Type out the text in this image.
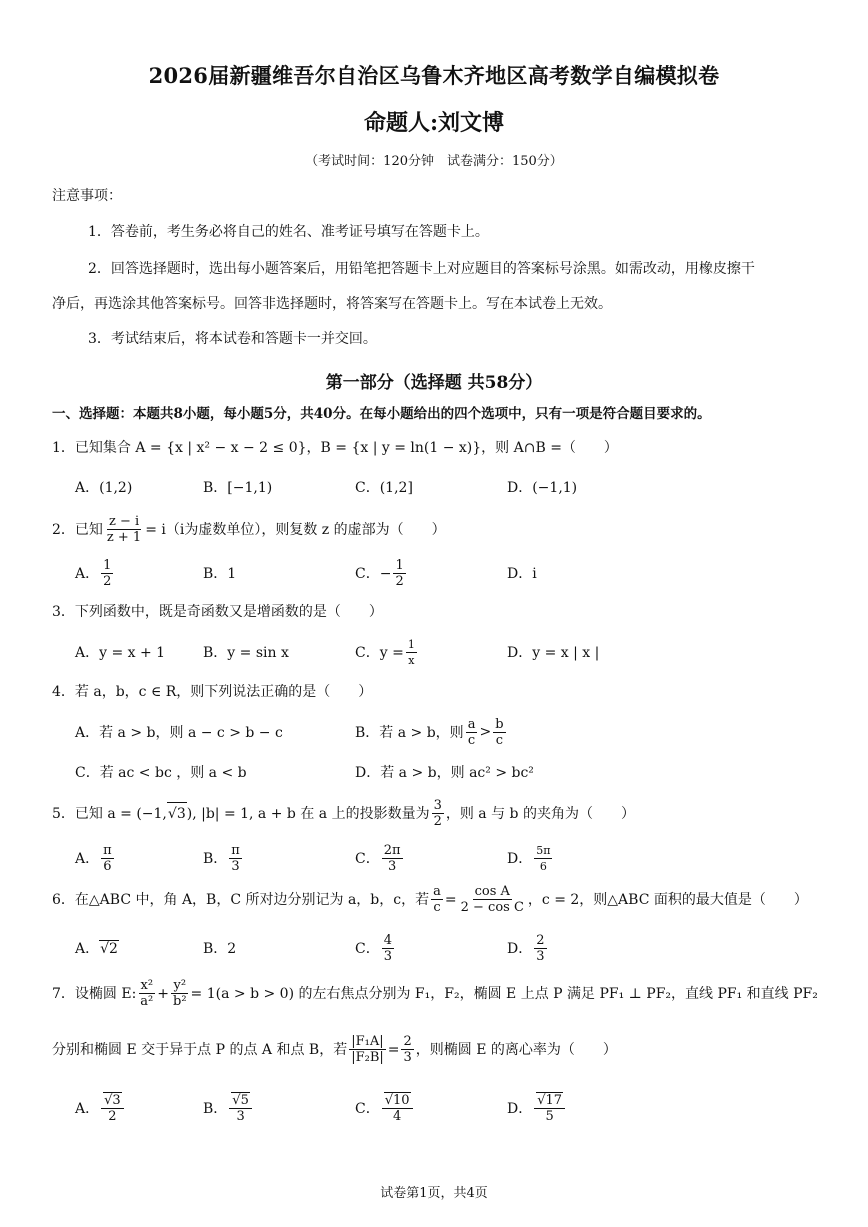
2026届新疆维吾尔自治区乌鲁木齐地区高考数学自编模拟卷
命题人:刘文博
（考试时间：120分钟　试卷满分：150分）
注意事项：
1．答卷前，考生务必将自己的姓名、准考证号填写在答题卡上。
2．回答选择题时，选出每小题答案后，用铅笔把答题卡上对应题目的答案标号涂黑。如需改动，用橡皮擦干
净后，再选涂其他答案标号。回答非选择题时，将答案写在答题卡上。写在本试卷上无效。
3．考试结束后，将本试卷和答题卡一并交回。
第一部分（选择题 共58分）
一、选择题：本题共8小题，每小题5分，共40分。在每小题给出的四个选项中，只有一项是符合题目要求的。
1．已知集合 A = {x | x² − x − 2 ≤ 0}，B = {x | y = ln(1 − x)}，则 A∩B =（　　）
A．(1,2)	B．[−1,1)	C．(1,2]	D．(−1,1)
2．已知 $\frac{z - i}{z + 1} = i(i$为虚数单位），则复数 z 的虚部为（　　）
A． $\frac{1}{2}$	B．1	C．− $\frac{1}{2}$	D．i
3．下列函数中，既是奇函数又是增函数的是（　　）
A．y = x + 1	B．y = sin x	C．$y = \frac{1}{x}$	D．y = x | x |
4．若 a，b，c ∈ R，则下列说法正确的是（　　）
A．若 a > b，则 a − c > b − c	B．若 a > b，则 $\frac{a}{c} > \frac{b}{c}$
C．若 ac < bc ，则 a < b	D．若 a > b，则 ac² > bc²
5．已知 a = (−1, √ 3 ), |b| = 1, a + b 在 a 上的投影数量为 $\frac{3}{2}$ ，则 a 与 b 的夹角为（　　）
A． $\frac{\pi}{6}$	B． $\frac{\pi}{3}$	C． $\frac{2\pi}{3}$	D． $\frac{5\pi}{6}$
6．在△ABC 中，角 A，B，C 所对边分别记为 a，b，c，若 $\frac{a}{c} = \frac{\text{cos A}}{\text{2 − cos C}}$ ，c = 2，则△ABC 面积的最大值是（　　）
A． √ 2	B．2	C． $\frac{4}{3}$	D． $\frac{2}{3}$
7．设椭圆 E: $\frac{\text{x²}}{\text{a²}} + \frac{\text{y²}}{\text{b²}} = 1(a > b > 0)$ 的左右焦点分别为 F₁，F₂，椭圆 E 上点 P 满足 PF₁ ⊥ PF₂，直线 PF₁ 和直线 PF₂
分别和椭圆 E 交于异于点 P 的点 A 和点 B，若 $\frac{\text{|F₁A|}}{\text{|F₂B|}} = \frac{2}{3}$ ，则椭圆 E 的离心率为（　　）
A． √ $\frac{3}{2}$	B． √ $\frac{5}{3}$	C． √ $\frac{10}{4}$	D． √ $\frac{17}{5}$
试卷第1页，共4页
